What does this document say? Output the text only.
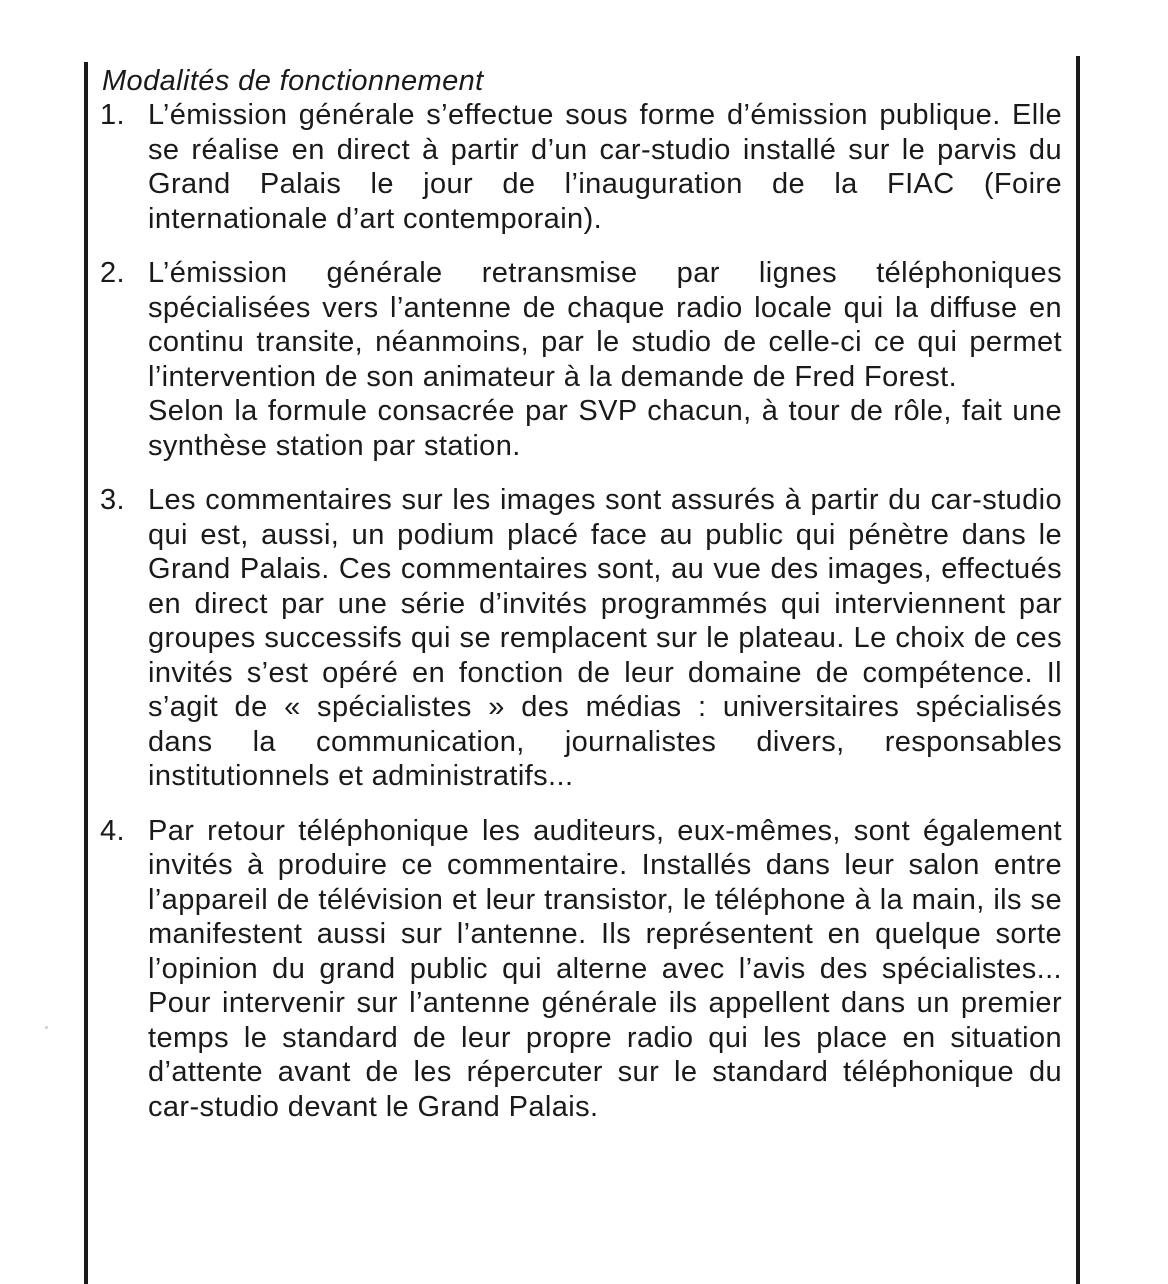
Modalités de fonctionnement
1. L’émission générale s’effectue sous forme d’émission publique. Elle se réalise en direct à partir d’un car-studio installé sur le parvis du Grand Palais le jour de l’inauguration de la FIAC (Foire internationale d’art contemporain).

2. L’émission générale retransmise par lignes téléphoniques spécialisées vers l’antenne de chaque radio locale qui la diffuse en continu transite, néanmoins, par le studio de celle-ci ce qui permet l’intervention de son animateur à la demande de Fred Forest.

Selon la formule consacrée par SVP chacun, à tour de rôle, fait une synthèse station par station.

3. Les commentaires sur les images sont assurés à partir du car-studio qui est, aussi, un podium placé face au public qui pénètre dans le Grand Palais. Ces commentaires sont, au vue des images, effectués en direct par une série d’invités programmés qui interviennent par groupes successifs qui se remplacent sur le plateau. Le choix de ces invités s’est opéré en fonction de leur domaine de compétence. Il s’agit de « spécialistes » des médias : universitaires spécialisés dans la communication, journalistes divers, responsables institutionnels et administratifs...

4. Par retour téléphonique les auditeurs, eux-mêmes, sont également invités à produire ce commentaire. Installés dans leur salon entre l’appareil de télévision et leur transistor, le téléphone à la main, ils se manifestent aussi sur l’antenne. Ils représentent en quelque sorte l’opinion du grand public qui alterne avec l’avis des spécialistes... Pour intervenir sur l’antenne générale ils appellent dans un premier temps le standard de leur propre radio qui les place en situation d’attente avant de les répercuter sur le standard téléphonique du car-studio devant le Grand Palais.
